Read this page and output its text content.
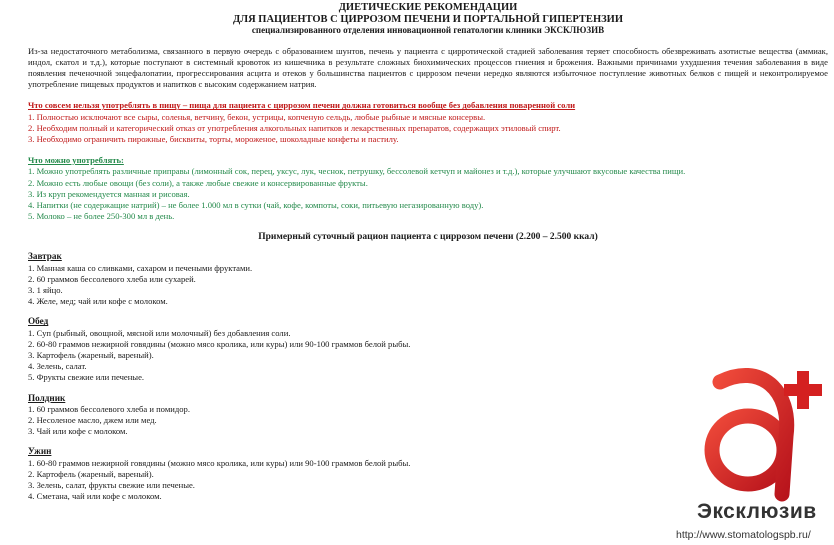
ДИЕТИЧЕСКИЕ РЕКОМЕНДАЦИИ
ДЛЯ ПАЦИЕНТОВ С ЦИРРОЗОМ ПЕЧЕНИ И ПОРТАЛЬНОЙ ГИПЕРТЕНЗИИ
специализированного отделения инновационной гепатологии клиники ЭКСКЛЮЗИВ
Из-за недостаточного метаболизма, связанного в первую очередь с образованием шунтов, печень у пациента с цирротической стадией заболевания теряет способность обезвреживать азотистые вещества (аммиак, индол, скатол и т.д.), которые поступают в системный кровоток из кишечника в результате сложных биохимических процессов гниения и брожения. Важными причинами ухудшения течения заболевания в виде появления печеночной энцефалопатии, прогрессирования асцита и отеков у большинства пациентов с циррозом печени нередко являются избыточное поступление животных белков с пищей и неконтролируемое употребление пищевых продуктов и напитков с высоким содержанием натрия.
Что совсем нельзя употреблять в пищу – пища для пациента с циррозом печени должна готовиться вообще без добавления поваренной соли
1. Полностью исключают все сыры, соленья, ветчину, бекон, устрицы, копченую сельдь, любые рыбные и мясные консервы.
2. Необходим полный и категорический отказ от употребления алкогольных напитков и лекарственных препаратов, содержащих этиловый спирт.
3. Необходимо ограничить пирожные, бисквиты, торты, мороженое, шоколадные конфеты и пастилу.
Что можно употреблять:
1. Можно употреблять различные приправы (лимонный сок, перец, уксус, лук, чеснок, петрушку, бессолевой кетчуп и майонез и т.д.), которые улучшают вкусовые качества пищи.
2. Можно есть любые овощи (без соли), а также любые свежие и консервированные фрукты.
3. Из круп рекомендуется манная и рисовая.
4. Напитки (не содержащие натрий) – не более 1.000 мл в сутки (чай, кофе, компоты, соки, питьевую негазированную воду).
5. Молоко – не более 250-300 мл в день.
Примерный суточный рацион пациента с циррозом печени (2.200 – 2.500 ккал)
Завтрак
1. Манная каша со сливками, сахаром и печеными фруктами.
2. 60 граммов бессолевого хлеба или сухарей.
3. 1 яйцо.
4. Желе, мед; чай или кофе с молоком.
Обед
1. Суп (рыбный, овощной, мясной или молочный) без добавления соли.
2. 60-80 граммов нежирной говядины (можно мясо кролика, или куры) или 90-100 граммов белой рыбы.
3. Картофель (жареный, вареный).
4. Зелень, салат.
5. Фрукты свежие или печеные.
Полдник
1. 60 граммов бессолевого хлеба и помидор.
2. Несоленое масло, джем или мед.
3. Чай или кофе с молоком.
Ужин
1. 60-80 граммов нежирной говядины (можно мясо кролика, или куры) или 90-100 граммов белой рыбы.
2. Картофель (жареный, вареный).
3. Зелень, салат, фрукты свежие или печеные.
4. Сметана, чай или кофе с молоком.
Эксклюзив
http://www.stomatologspb.ru/
